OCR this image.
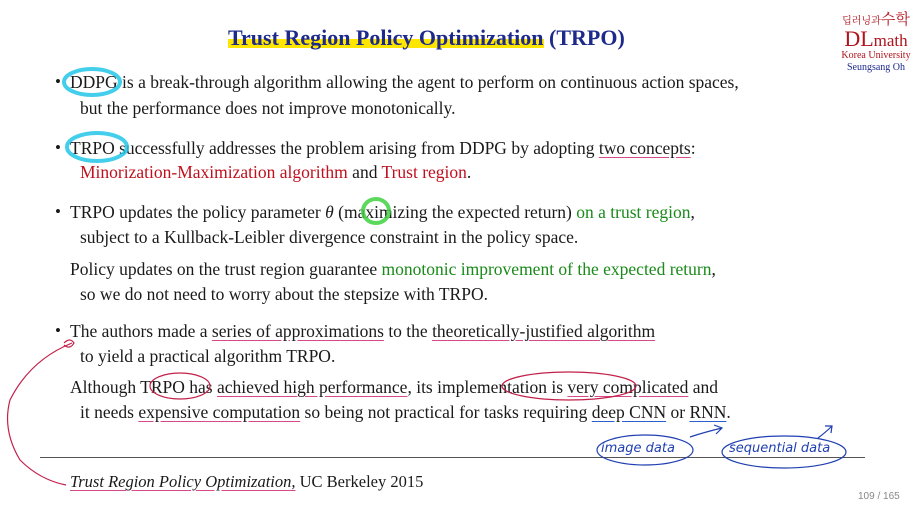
Trust Region Policy Optimization (TRPO)
딥러닝과수학
DLmath
Korea University
Seungsang Oh
• DDPG is a break-through algorithm allowing the agent to perform on continuous action spaces,
but the performance does not improve monotonically.
• TRPO successfully addresses the problem arising from DDPG by adopting two concepts:
Minorization-Maximization algorithm and Trust region.
• TRPO updates the policy parameter θ (maximizing the expected return) on a trust region,
subject to a Kullback-Leibler divergence constraint in the policy space.
Policy updates on the trust region guarantee monotonic improvement of the expected return,
so we do not need to worry about the stepsize with TRPO.
• The authors made a series of approximations to the theoretically-justified algorithm
to yield a practical algorithm TRPO.
Although TRPO has achieved high performance, its implementation is very complicated and
it needs expensive computation so being not practical for tasks requiring deep CNN or RNN.
image data	sequential data
Trust Region Policy Optimization, UC Berkeley 2015
109 / 165
